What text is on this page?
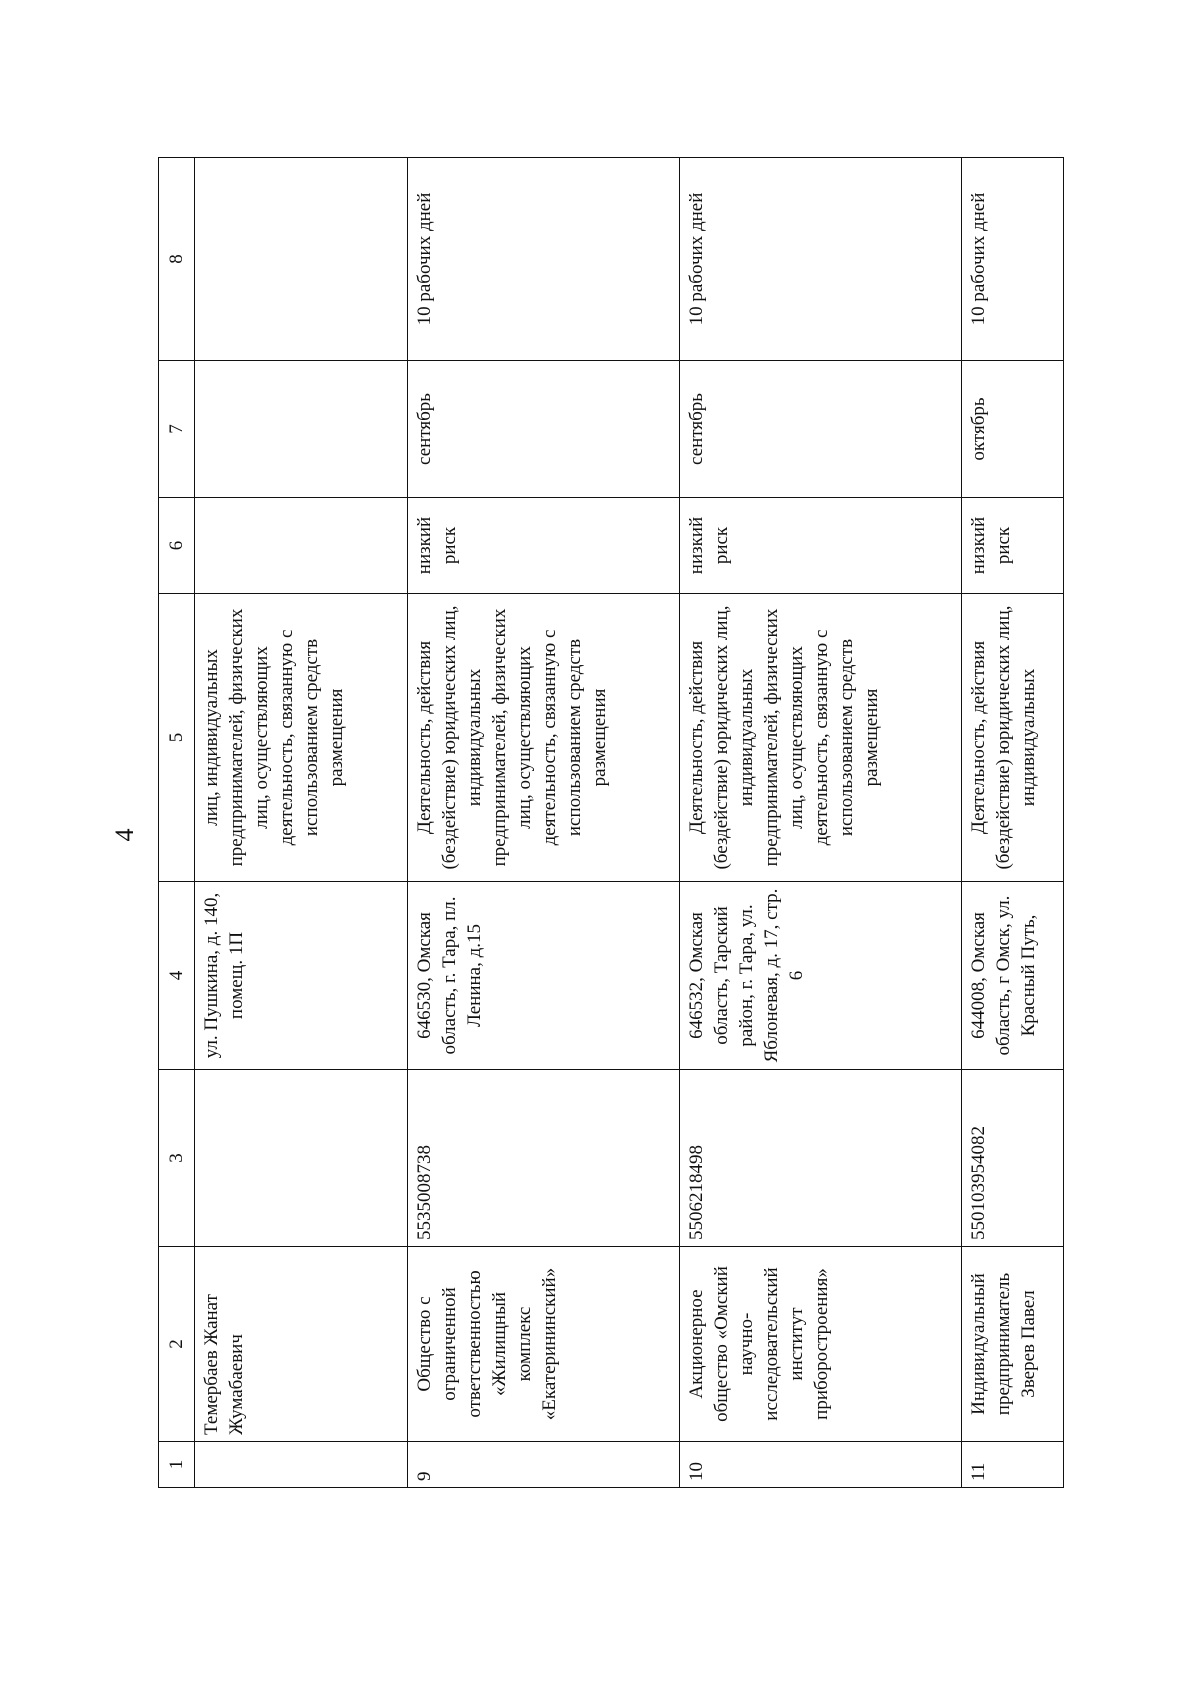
4
1	2	3	4	5	6	7	8
	Темербаев Жанат Жумабаевич		ул. Пушкина, д. 140, помещ. 1П	лиц, индивидуальных предпринимателей, физических лиц, осуществляющих деятельность, связанную с использованием средств размещения			
9	Общество с ограниченной ответственностью «Жилищный комплекс «Екатерининский»	5535008738	646530, Омская область, г. Тара, пл. Ленина, д.15	Деятельность, действия (бездействие) юридических лиц, индивидуальных предпринимателей, физических лиц, осуществляющих деятельность, связанную с использованием средств размещения	низкий риск	сентябрь	10 рабочих дней
10	Акционерное общество «Омский научно-исследовательский институт приборостроения»	5506218498	646532, Омская область, Тарский район, г. Тара, ул. Яблоневая, д. 17, стр. 6	Деятельность, действия (бездействие) юридических лиц, индивидуальных предпринимателей, физических лиц, осуществляющих деятельность, связанную с использованием средств размещения	низкий риск	сентябрь	10 рабочих дней
11	Индивидуальный предприниматель Зверев Павел	550103954082	644008, Омская область, г Омск, ул. Красный Путь,	Деятельность, действия (бездействие) юридических лиц, индивидуальных	низкий риск	октябрь	10 рабочих дней
